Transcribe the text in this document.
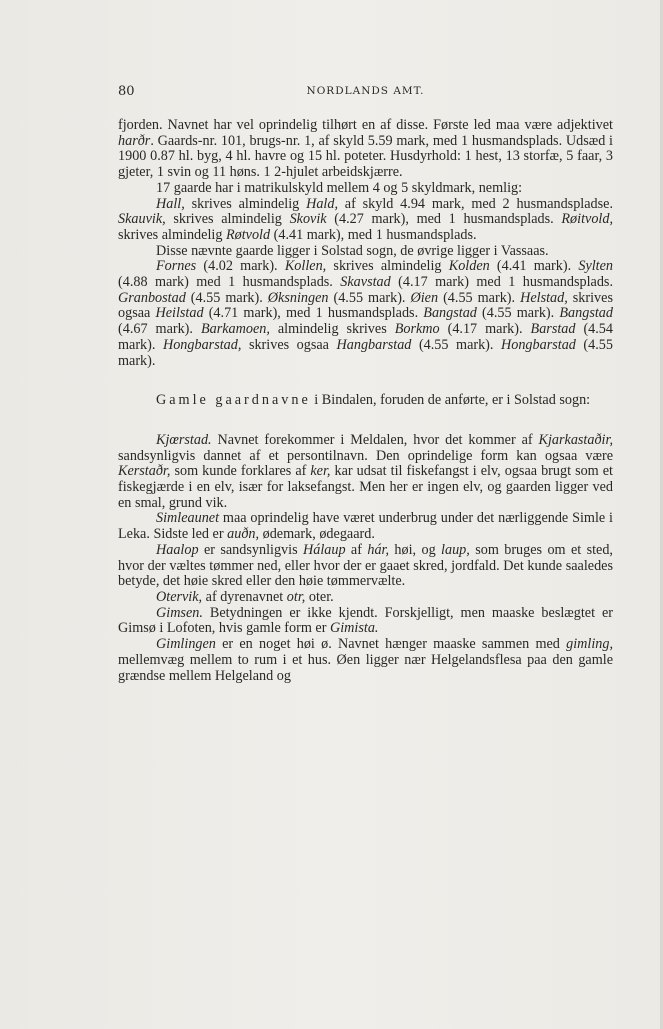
80	NORDLANDS AMT.

fjorden. Navnet har vel oprindelig tilhørt en af disse. Første led maa være adjektivet harðr. Gaards-nr. 101, brugs-nr. 1, af skyld 5.59 mark, med 1 husmandsplads. Udsæd i 1900 0.87 hl. byg, 4 hl. havre og 15 hl. poteter. Husdyrhold: 1 hest, 13 storfæ, 5 faar, 3 gjeter, 1 svin og 11 høns. 1 2-hjulet arbeidskjærre.

17 gaarde har i matrikulskyld mellem 4 og 5 skyldmark, nemlig:

Hall, skrives almindelig Hald, af skyld 4.94 mark, med 2 husmandspladse. Skauvik, skrives almindelig Skovik (4.27 mark), med 1 husmandsplads. Røitvold, skrives almindelig Røtvold (4.41 mark), med 1 husmandsplads.

Disse nævnte gaarde ligger i Solstad sogn, de øvrige ligger i Vassaas.

Fornes (4.02 mark). Kollen, skrives almindelig Kolden (4.41 mark). Sylten (4.88 mark) med 1 husmandsplads. Skavstad (4.17 mark) med 1 husmandsplads. Granbostad (4.55 mark). Øksningen (4.55 mark). Øien (4.55 mark). Helstad, skrives ogsaa Heilstad (4.71 mark), med 1 husmandsplads. Bangstad (4.55 mark). Bangstad (4.67 mark). Barkamoen, almindelig skrives Borkmo (4.17 mark). Barstad (4.54 mark). Hongbarstad, skrives ogsaa Hangbarstad (4.55 mark). Hongbarstad (4.55 mark).

Gamle gaardnavne i Bindalen, foruden de anførte, er i Solstad sogn:

Kjœrstad. Navnet forekommer i Meldalen, hvor det kommer af Kjarkastaðir, sandsynligvis dannet af et persontilnavn. Den oprindelige form kan ogsaa være Kerstaðr, som kunde forklares af ker, kar udsat til fiskefangst i elv, ogsaa brugt som et fiskegjærde i en elv, især for laksefangst. Men her er ingen elv, og gaarden ligger ved en smal, grund vik.

Simleaunet maa oprindelig have været underbrug under det nærliggende Simle i Leka. Sidste led er auðn, ødemark, ødegaard.

Haalop er sandsynligvis Hálaup af hár, høi, og laup, som bruges om et sted, hvor der væltes tømmer ned, eller hvor der er gaaet skred, jordfald. Det kunde saaledes betyde, det høie skred eller den høie tømmervælte.

Otervik, af dyrenavnet otr, oter.

Gimsen. Betydningen er ikke kjendt. Forskjelligt, men maaske beslægtet er Gimsø i Lofoten, hvis gamle form er Gimista.

Gimlingen er en noget høi ø. Navnet hænger maaske sammen med gimling, mellemvæg mellem to rum i et hus. Øen ligger nær Helgelandsflesa paa den gamle grændse mellem Helgeland og
